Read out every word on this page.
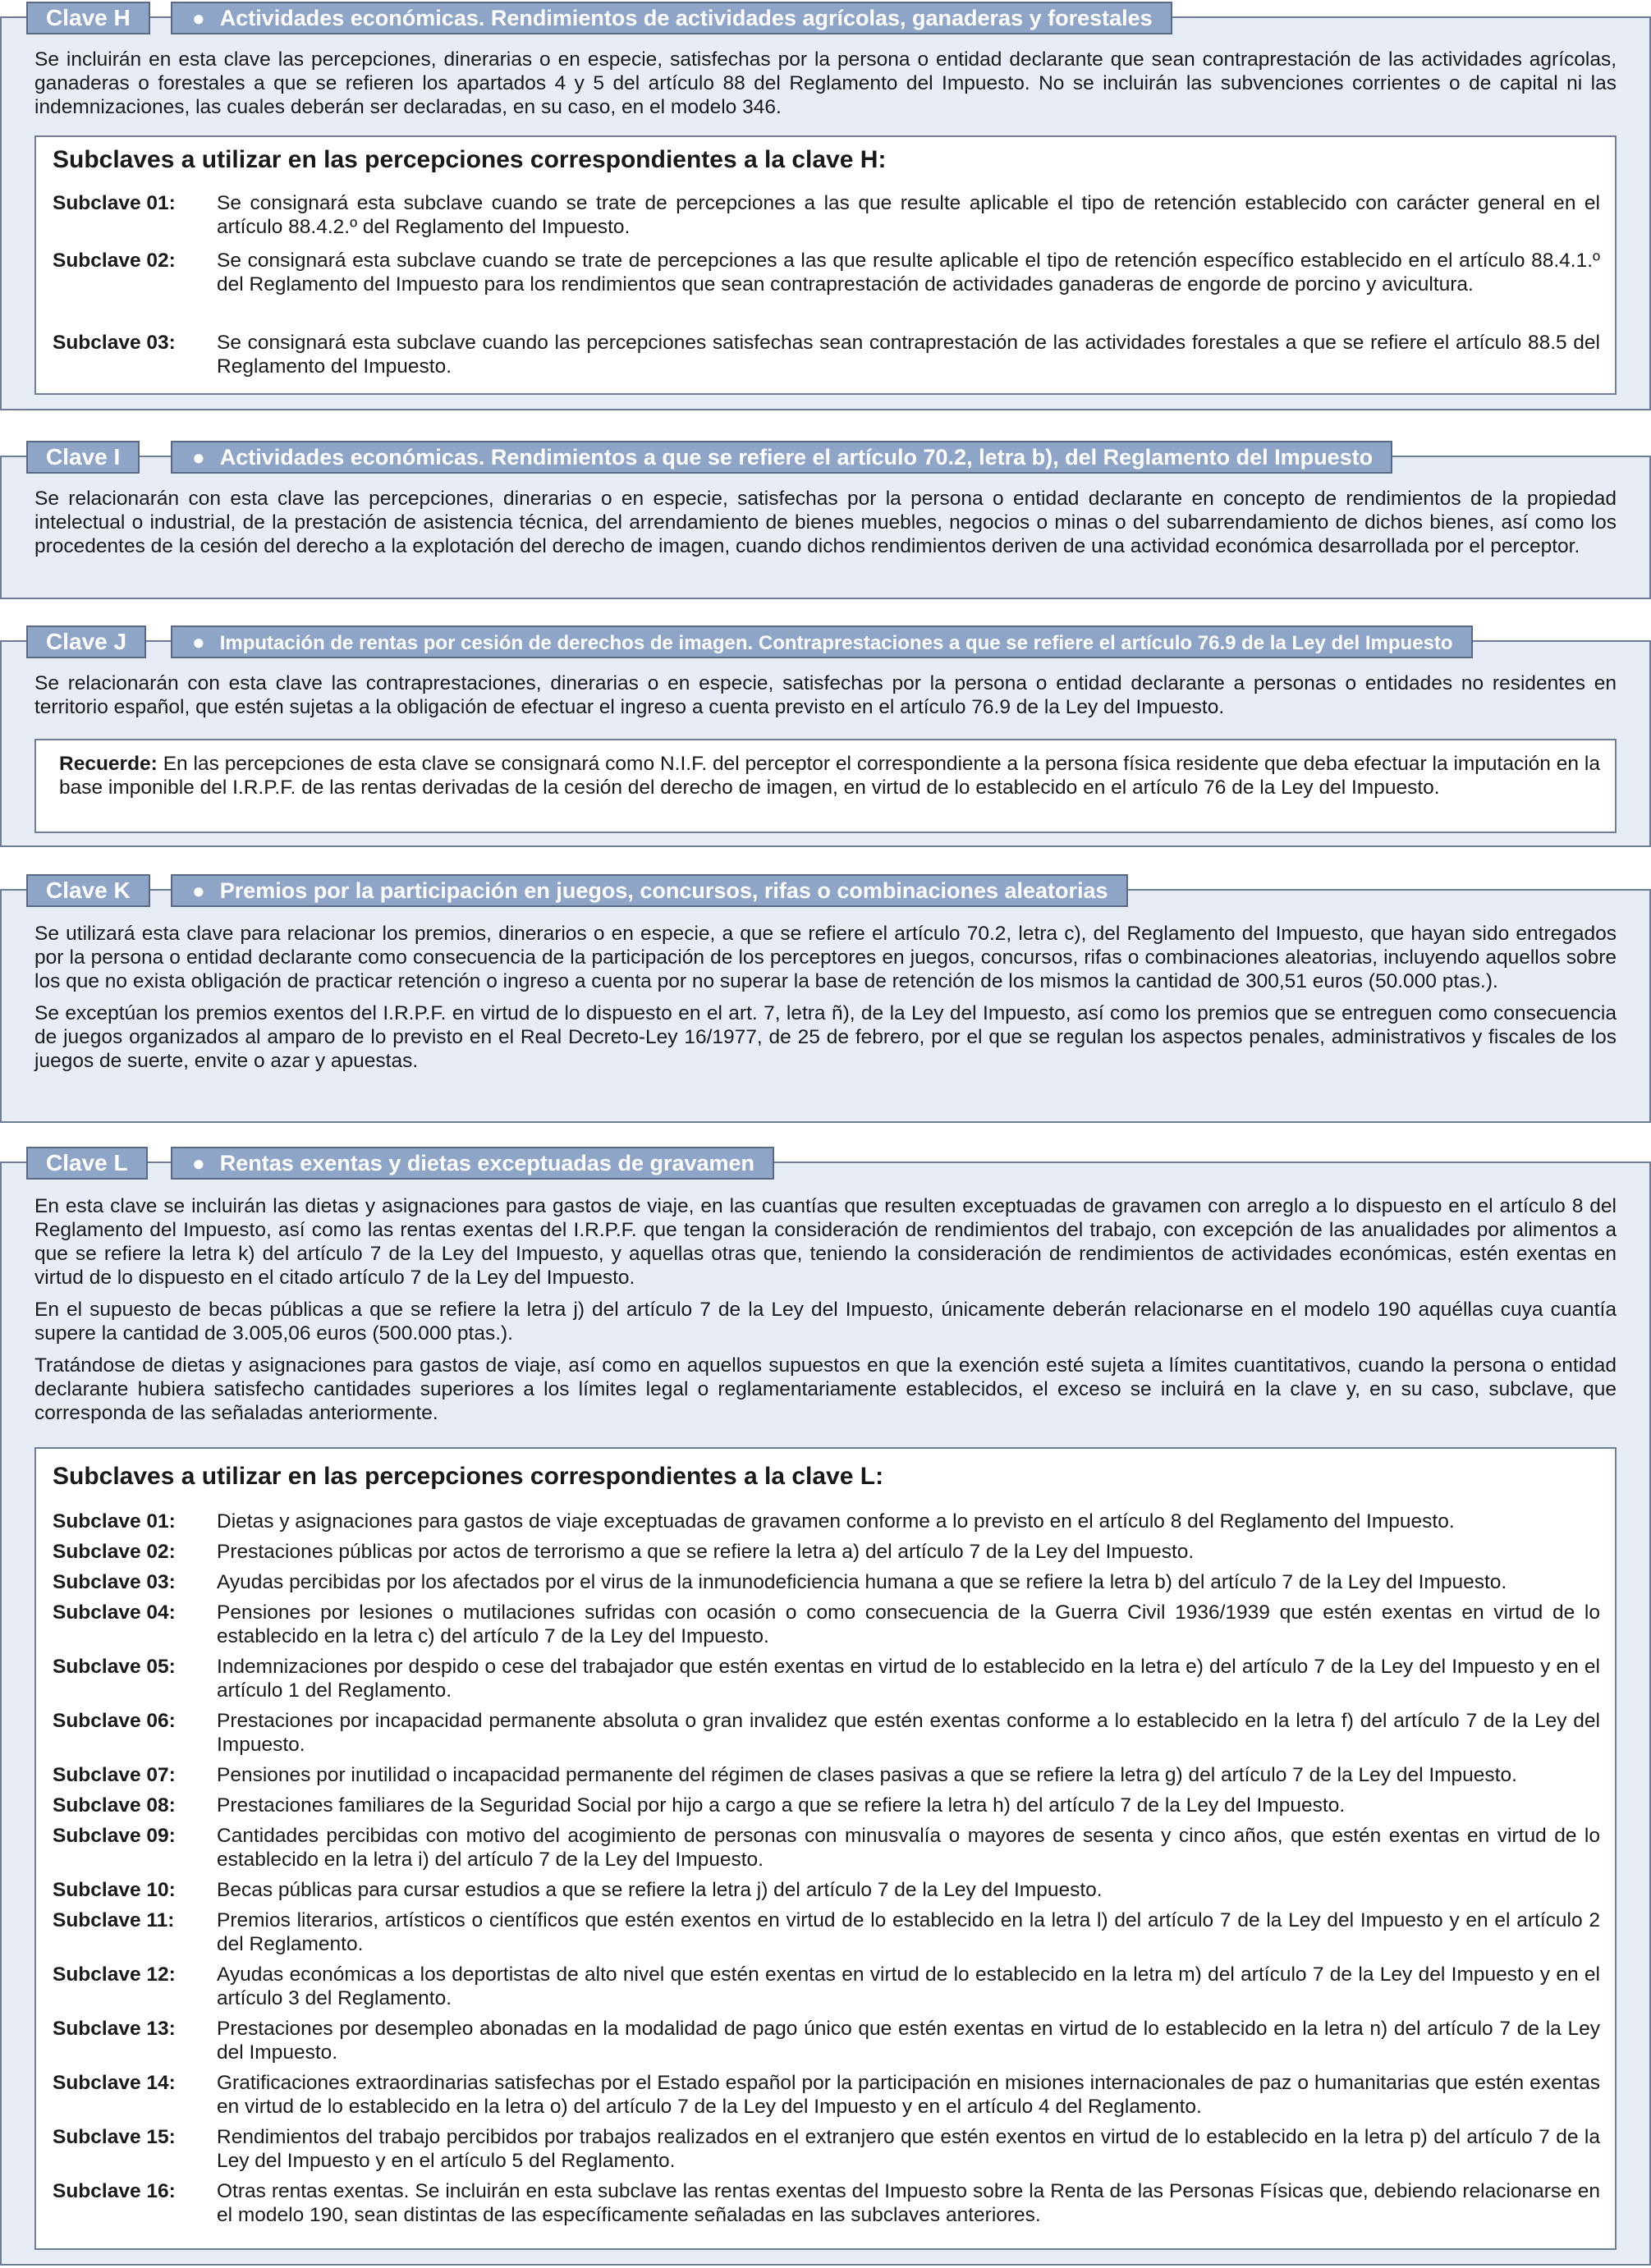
Clave H	● Actividades económicas. Rendimientos de actividades agrícolas, ganaderas y forestales

Se incluirán en esta clave las percepciones, dinerarias o en especie, satisfechas por la persona o entidad declarante que sean contraprestación de las actividades agrícolas, ganaderas o forestales a que se refieren los apartados 4 y 5 del artículo 88 del Reglamento del Impuesto. No se incluirán las subvenciones corrientes o de capital ni las indemnizaciones, las cuales deberán ser declaradas, en su caso, en el modelo 346.

Subclaves a utilizar en las percepciones correspondientes a la clave H:
Subclave 01:	Se consignará esta subclave cuando se trate de percepciones a las que resulte aplicable el tipo de retención establecido con carácter general en el artículo 88.4.2.º del Reglamento del Impuesto.
Subclave 02:	Se consignará esta subclave cuando se trate de percepciones a las que resulte aplicable el tipo de retención específico establecido en el artículo 88.4.1.º del Reglamento del Impuesto para los rendimientos que sean contraprestación de actividades ganaderas de engorde de porcino y avicultura.
Subclave 03:	Se consignará esta subclave cuando las percepciones satisfechas sean contraprestación de las actividades forestales a que se refiere el artículo 88.5 del Reglamento del Impuesto.
Clave I	● Actividades económicas. Rendimientos a que se refiere el artículo 70.2, letra b), del Reglamento del Impuesto

Se relacionarán con esta clave las percepciones, dinerarias o en especie, satisfechas por la persona o entidad declarante en concepto de rendimientos de la propiedad intelectual o industrial, de la prestación de asistencia técnica, del arrendamiento de bienes muebles, negocios o minas o del subarrendamiento de dichos bienes, así como los procedentes de la cesión del derecho a la explotación del derecho de imagen, cuando dichos rendimientos deriven de una actividad económica desarrollada por el perceptor.

Clave J	● Imputación de rentas por cesión de derechos de imagen. Contraprestaciones a que se refiere el artículo 76.9 de la Ley del Impuesto

Se relacionarán con esta clave las contraprestaciones, dinerarias o en especie, satisfechas por la persona o entidad declarante a personas o entidades no residentes en territorio español, que estén sujetas a la obligación de efectuar el ingreso a cuenta previsto en el artículo 76.9 de la Ley del Impuesto.

Recuerde: En las percepciones de esta clave se consignará como N.I.F. del perceptor el correspondiente a la persona física residente que deba efectuar la imputación en la base imponible del I.R.P.F. de las rentas derivadas de la cesión del derecho de imagen, en virtud de lo establecido en el artículo 76 de la Ley del Impuesto.
Clave K	● Premios por la participación en juegos, concursos, rifas o combinaciones aleatorias

Se utilizará esta clave para relacionar los premios, dinerarios o en especie, a que se refiere el artículo 70.2, letra c), del Reglamento del Impuesto, que hayan sido entregados por la persona o entidad declarante como consecuencia de la participación de los perceptores en juegos, concursos, rifas o combinaciones aleatorias, incluyendo aquellos sobre los que no exista obligación de practicar retención o ingreso a cuenta por no superar la base de retención de los mismos la cantidad de 300,51 euros (50.000 ptas.).

Se exceptúan los premios exentos del I.R.P.F. en virtud de lo dispuesto en el art. 7, letra ñ), de la Ley del Impuesto, así como los premios que se entreguen como consecuencia de juegos organizados al amparo de lo previsto en el Real Decreto-Ley 16/1977, de 25 de febrero, por el que se regulan los aspectos penales, administrativos y fiscales de los juegos de suerte, envite o azar y apuestas.

Clave L	● Rentas exentas y dietas exceptuadas de gravamen

En esta clave se incluirán las dietas y asignaciones para gastos de viaje, en las cuantías que resulten exceptuadas de gravamen con arreglo a lo dispuesto en el artículo 8 del Reglamento del Impuesto, así como las rentas exentas del I.R.P.F. que tengan la consideración de rendimientos del trabajo, con excepción de las anualidades por alimentos a que se refiere la letra k) del artículo 7 de la Ley del Impuesto, y aquellas otras que, teniendo la consideración de rendimientos de actividades económicas, estén exentas en virtud de lo dispuesto en el citado artículo 7 de la Ley del Impuesto.

En el supuesto de becas públicas a que se refiere la letra j) del artículo 7 de la Ley del Impuesto, únicamente deberán relacionarse en el modelo 190 aquéllas cuya cuantía supere la cantidad de 3.005,06 euros (500.000 ptas.).

Tratándose de dietas y asignaciones para gastos de viaje, así como en aquellos supuestos en que la exención esté sujeta a límites cuantitativos, cuando la persona o entidad declarante hubiera satisfecho cantidades superiores a los límites legal o reglamentariamente establecidos, el exceso se incluirá en la clave y, en su caso, subclave, que corresponda de las señaladas anteriormente.

Subclaves a utilizar en las percepciones correspondientes a la clave L:
Subclave 01:	Dietas y asignaciones para gastos de viaje exceptuadas de gravamen conforme a lo previsto en el artículo 8 del Reglamento del Impuesto.
Subclave 02:	Prestaciones públicas por actos de terrorismo a que se refiere la letra a) del artículo 7 de la Ley del Impuesto.
Subclave 03:	Ayudas percibidas por los afectados por el virus de la inmunodeficiencia humana a que se refiere la letra b) del artículo 7 de la Ley del Impuesto.
Subclave 04:	Pensiones por lesiones o mutilaciones sufridas con ocasión o como consecuencia de la Guerra Civil 1936/1939 que estén exentas en virtud de lo establecido en la letra c) del artículo 7 de la Ley del Impuesto.
Subclave 05:	Indemnizaciones por despido o cese del trabajador que estén exentas en virtud de lo establecido en la letra e) del artículo 7 de la Ley del Impuesto y en el artículo 1 del Reglamento.
Subclave 06:	Prestaciones por incapacidad permanente absoluta o gran invalidez que estén exentas conforme a lo establecido en la letra f) del artículo 7 de la Ley del Impuesto.
Subclave 07:	Pensiones por inutilidad o incapacidad permanente del régimen de clases pasivas a que se refiere la letra g) del artículo 7 de la Ley del Impuesto.
Subclave 08:	Prestaciones familiares de la Seguridad Social por hijo a cargo a que se refiere la letra h) del artículo 7 de la Ley del Impuesto.
Subclave 09:	Cantidades percibidas con motivo del acogimiento de personas con minusvalía o mayores de sesenta y cinco años, que estén exentas en virtud de lo establecido en la letra i) del artículo 7 de la Ley del Impuesto.
Subclave 10:	Becas públicas para cursar estudios a que se refiere la letra j) del artículo 7 de la Ley del Impuesto.
Subclave 11:	Premios literarios, artísticos o científicos que estén exentos en virtud de lo establecido en la letra l) del artículo 7 de la Ley del Impuesto y en el artículo 2 del Reglamento.
Subclave 12:	Ayudas económicas a los deportistas de alto nivel que estén exentas en virtud de lo establecido en la letra m) del artículo 7 de la Ley del Impuesto y en el artículo 3 del Reglamento.
Subclave 13:	Prestaciones por desempleo abonadas en la modalidad de pago único que estén exentas en virtud de lo establecido en la letra n) del artículo 7 de la Ley del Impuesto.
Subclave 14:	Gratificaciones extraordinarias satisfechas por el Estado español por la participación en misiones internacionales de paz o humanitarias que estén exentas en virtud de lo establecido en la letra o) del artículo 7 de la Ley del Impuesto y en el artículo 4 del Reglamento.
Subclave 15:	Rendimientos del trabajo percibidos por trabajos realizados en el extranjero que estén exentos en virtud de lo establecido en la letra p) del artículo 7 de la Ley del Impuesto y en el artículo 5 del Reglamento.
Subclave 16:	Otras rentas exentas. Se incluirán en esta subclave las rentas exentas del Impuesto sobre la Renta de las Personas Físicas que, debiendo relacionarse en el modelo 190, sean distintas de las específicamente señaladas en las subclaves anteriores.
